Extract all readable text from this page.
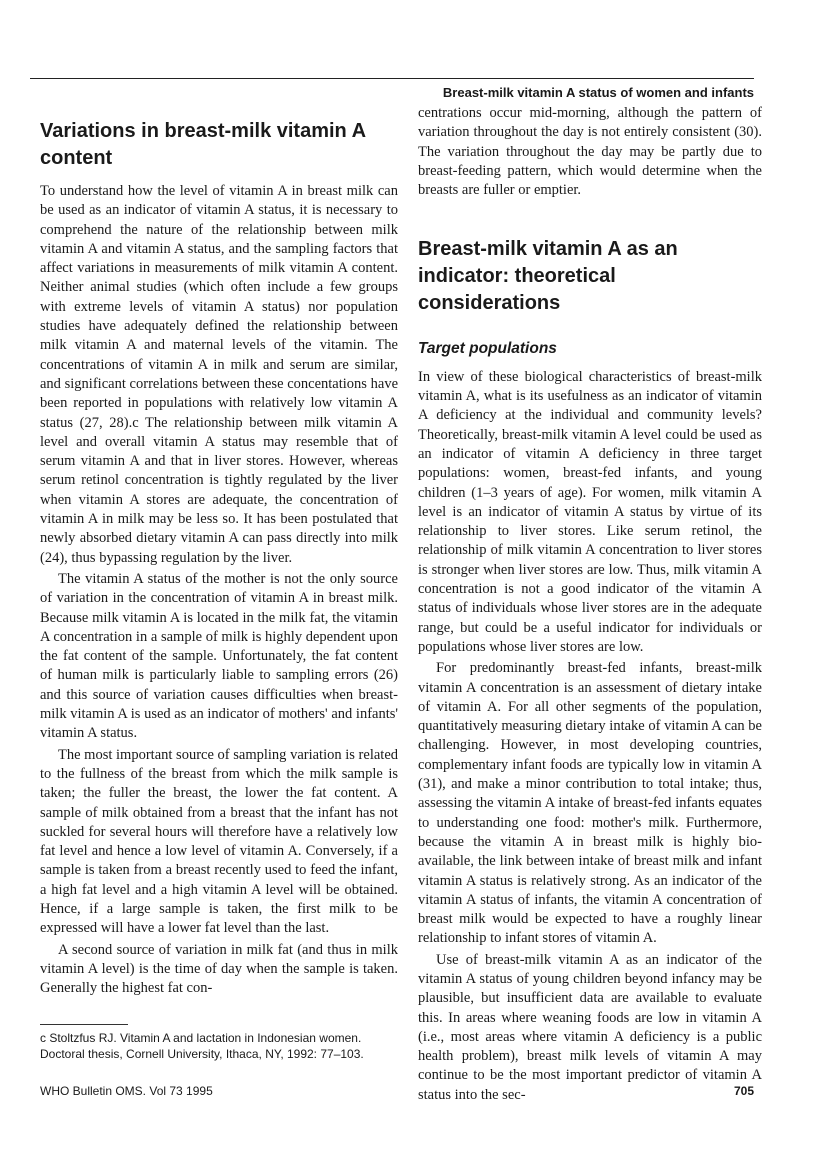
Breast-milk vitamin A status of women and infants
Variations in breast-milk vitamin A content

To understand how the level of vitamin A in breast milk can be used as an indicator of vitamin A status, it is necessary to comprehend the nature of the relationship between milk vitamin A and vitamin A status, and the sampling factors that affect variations in measurements of milk vitamin A content. Neither animal studies (which often include a few groups with extreme levels of vitamin A status) nor population studies have adequately defined the relationship between milk vitamin A and maternal levels of the vitamin. The concentrations of vitamin A in milk and serum are similar, and significant correlations between these concentations have been reported in populations with relatively low vitamin A status (27, 28).c The relationship between milk vitamin A level and overall vitamin A status may resemble that of serum vitamin A and that in liver stores. However, whereas serum retinol concentration is tightly regulated by the liver when vitamin A stores are adequate, the concentration of vitamin A in milk may be less so. It has been postulated that newly absorbed dietary vitamin A can pass directly into milk (24), thus bypassing regulation by the liver.

The vitamin A status of the mother is not the only source of variation in the concentration of vitamin A in breast milk. Because milk vitamin A is located in the milk fat, the vitamin A concentration in a sample of milk is highly dependent upon the fat content of the sample. Unfortunately, the fat content of human milk is particularly liable to sampling errors (26) and this source of variation causes difficulties when breast-milk vitamin A is used as an indicator of mothers' and infants' vitamin A status.

The most important source of sampling variation is related to the fullness of the breast from which the milk sample is taken; the fuller the breast, the lower the fat content. A sample of milk obtained from a breast that the infant has not suckled for several hours will therefore have a relatively low fat level and hence a low level of vitamin A. Conversely, if a sample is taken from a breast recently used to feed the infant, a high fat level and a high vitamin A level will be obtained. Hence, if a large sample is taken, the first milk to be expressed will have a lower fat level than the last.

A second source of variation in milk fat (and thus in milk vitamin A level) is the time of day when the sample is taken. Generally the highest fat con-

centrations occur mid-morning, although the pattern of variation throughout the day is not entirely consistent (30). The variation throughout the day may be partly due to breast-feeding pattern, which would determine when the breasts are fuller or emptier.

Breast-milk vitamin A as an indicator: theoretical considerations
Target populations

In view of these biological characteristics of breast-milk vitamin A, what is its usefulness as an indicator of vitamin A deficiency at the individual and community levels? Theoretically, breast-milk vitamin A level could be used as an indicator of vitamin A deficiency in three target populations: women, breast-fed infants, and young children (1–3 years of age). For women, milk vitamin A level is an indicator of vitamin A status by virtue of its relationship to liver stores. Like serum retinol, the relationship of milk vitamin A concentration to liver stores is stronger when liver stores are low. Thus, milk vitamin A concentration is not a good indicator of the vitamin A status of individuals whose liver stores are in the adequate range, but could be a useful indicator for individuals or populations whose liver stores are low.

For predominantly breast-fed infants, breast-milk vitamin A concentration is an assessment of dietary intake of vitamin A. For all other segments of the population, quantitatively measuring dietary intake of vitamin A can be challenging. However, in most developing countries, complementary infant foods are typically low in vitamin A (31), and make a minor contribution to total intake; thus, assessing the vitamin A intake of breast-fed infants equates to understanding one food: mother's milk. Furthermore, because the vitamin A in breast milk is highly bio-available, the link between intake of breast milk and infant vitamin A status is relatively strong. As an indicator of the vitamin A status of infants, the vitamin A concentration of breast milk would be expected to have a roughly linear relationship to infant stores of vitamin A.

Use of breast-milk vitamin A as an indicator of the vitamin A status of young children beyond infancy may be plausible, but insufficient data are available to evaluate this. In areas where weaning foods are low in vitamin A (i.e., most areas where vitamin A deficiency is a public health problem), breast milk levels of vitamin A may continue to be the most important predictor of vitamin A status into the sec-

c Stoltzfus RJ. Vitamin A and lactation in Indonesian women. Doctoral thesis, Cornell University, Ithaca, NY, 1992: 77–103.
WHO Bulletin OMS. Vol 73 1995	705
